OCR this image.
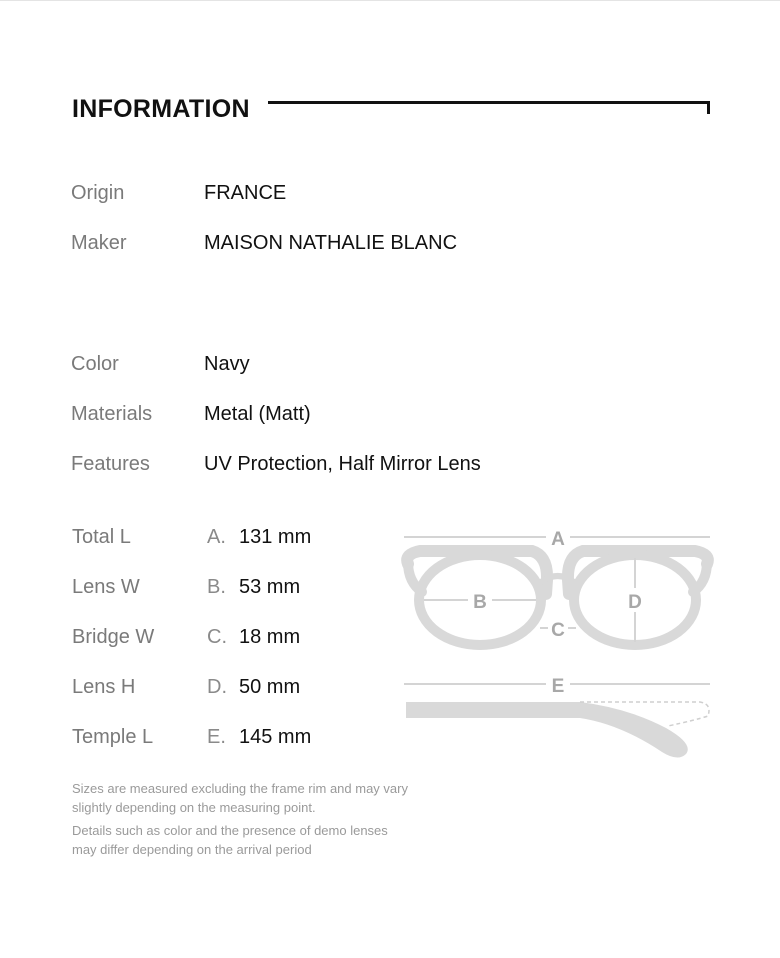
INFORMATION
Origin	FRANCE
Maker	MAISON NATHALIE BLANC
Color	Navy
Materials	Metal (Matt)
Features	UV Protection, Half Mirror Lens
Total L	A. 131 mm
Lens W	B. 53 mm
Bridge W	C. 18 mm
Lens H	D. 50 mm
Temple L	E. 145 mm
A
B
C
D
E
Sizes are measured excluding the frame rim and may vary slightly depending on the measuring point.
Details such as color and the presence of demo lenses may differ depending on the arrival period
